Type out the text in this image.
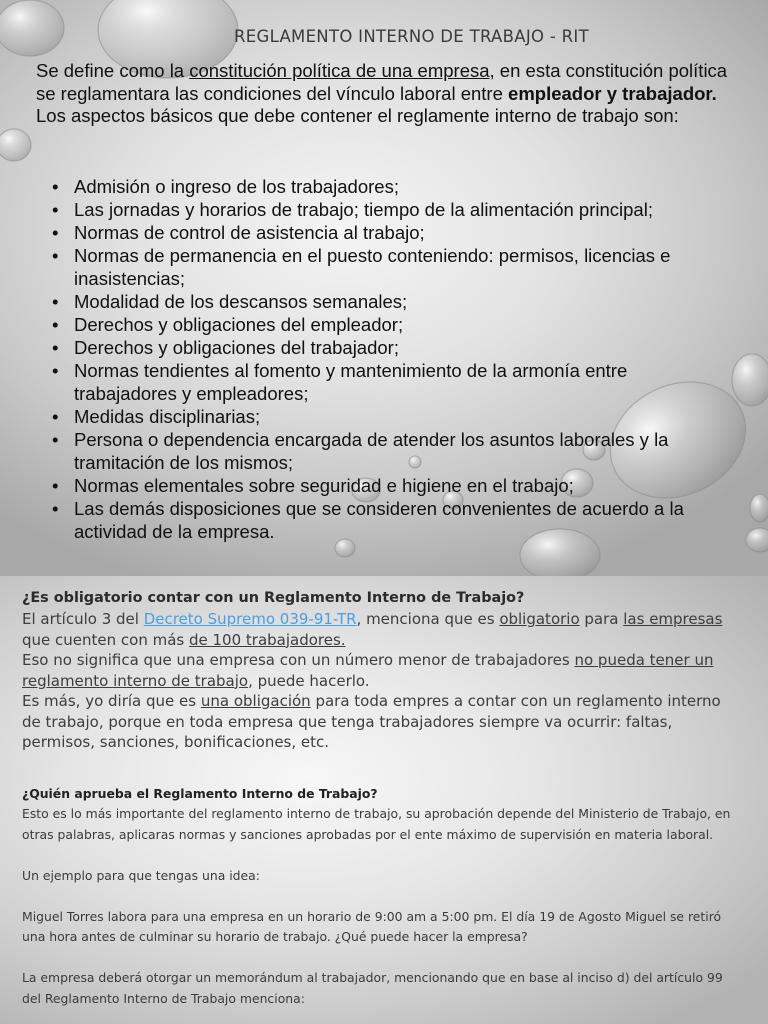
REGLAMENTO INTERNO DE TRABAJO - RIT

Se define como la constitución política de una empresa, en esta constitución política se reglamentara las condiciones del vínculo laboral entre empleador y trabajador.

Los aspectos básicos que debe contener el reglamente interno de trabajo son:

• Admisión o ingreso de los trabajadores;
• Las jornadas y horarios de trabajo; tiempo de la alimentación principal;
• Normas de control de asistencia al trabajo;
• Normas de permanencia en el puesto conteniendo: permisos, licencias e inasistencias;
• Modalidad de los descansos semanales;
• Derechos y obligaciones del empleador;
• Derechos y obligaciones del trabajador;
• Normas tendientes al fomento y mantenimiento de la armonía entre trabajadores y empleadores;
• Medidas disciplinarias;
• Persona o dependencia encargada de atender los asuntos laborales y la tramitación de los mismos;
• Normas elementales sobre seguridad e higiene en el trabajo;
• Las demás disposiciones que se consideren convenientes de acuerdo a la actividad de la empresa.
¿Es obligatorio contar con un Reglamento Interno de Trabajo?

El artículo 3 del Decreto Supremo 039-91-TR, menciona que es obligatorio para las empresas que cuenten con más de 100 trabajadores.

Eso no significa que una empresa con un número menor de trabajadores no pueda tener un reglamento interno de trabajo, puede hacerlo.

Es más, yo diría que es una obligación para toda empres a contar con un reglamento interno de trabajo, porque en toda empresa que tenga trabajadores siempre va ocurrir: faltas, permisos, sanciones, bonificaciones, etc.

¿Quién aprueba el Reglamento Interno de Trabajo?

Esto es lo más importante del reglamento interno de trabajo, su aprobación depende del Ministerio de Trabajo, en otras palabras, aplicaras normas y sanciones aprobadas por el ente máximo de supervisión en materia laboral.

Un ejemplo para que tengas una idea:

Miguel Torres labora para una empresa en un horario de 9:00 am a 5:00 pm. El día 19 de Agosto Miguel se retiró una hora antes de culminar su horario de trabajo. ¿Qué puede hacer la empresa?

La empresa deberá otorgar un memorándum al trabajador, mencionando que en base al inciso d) del artículo 99 del Reglamento Interno de Trabajo menciona:
